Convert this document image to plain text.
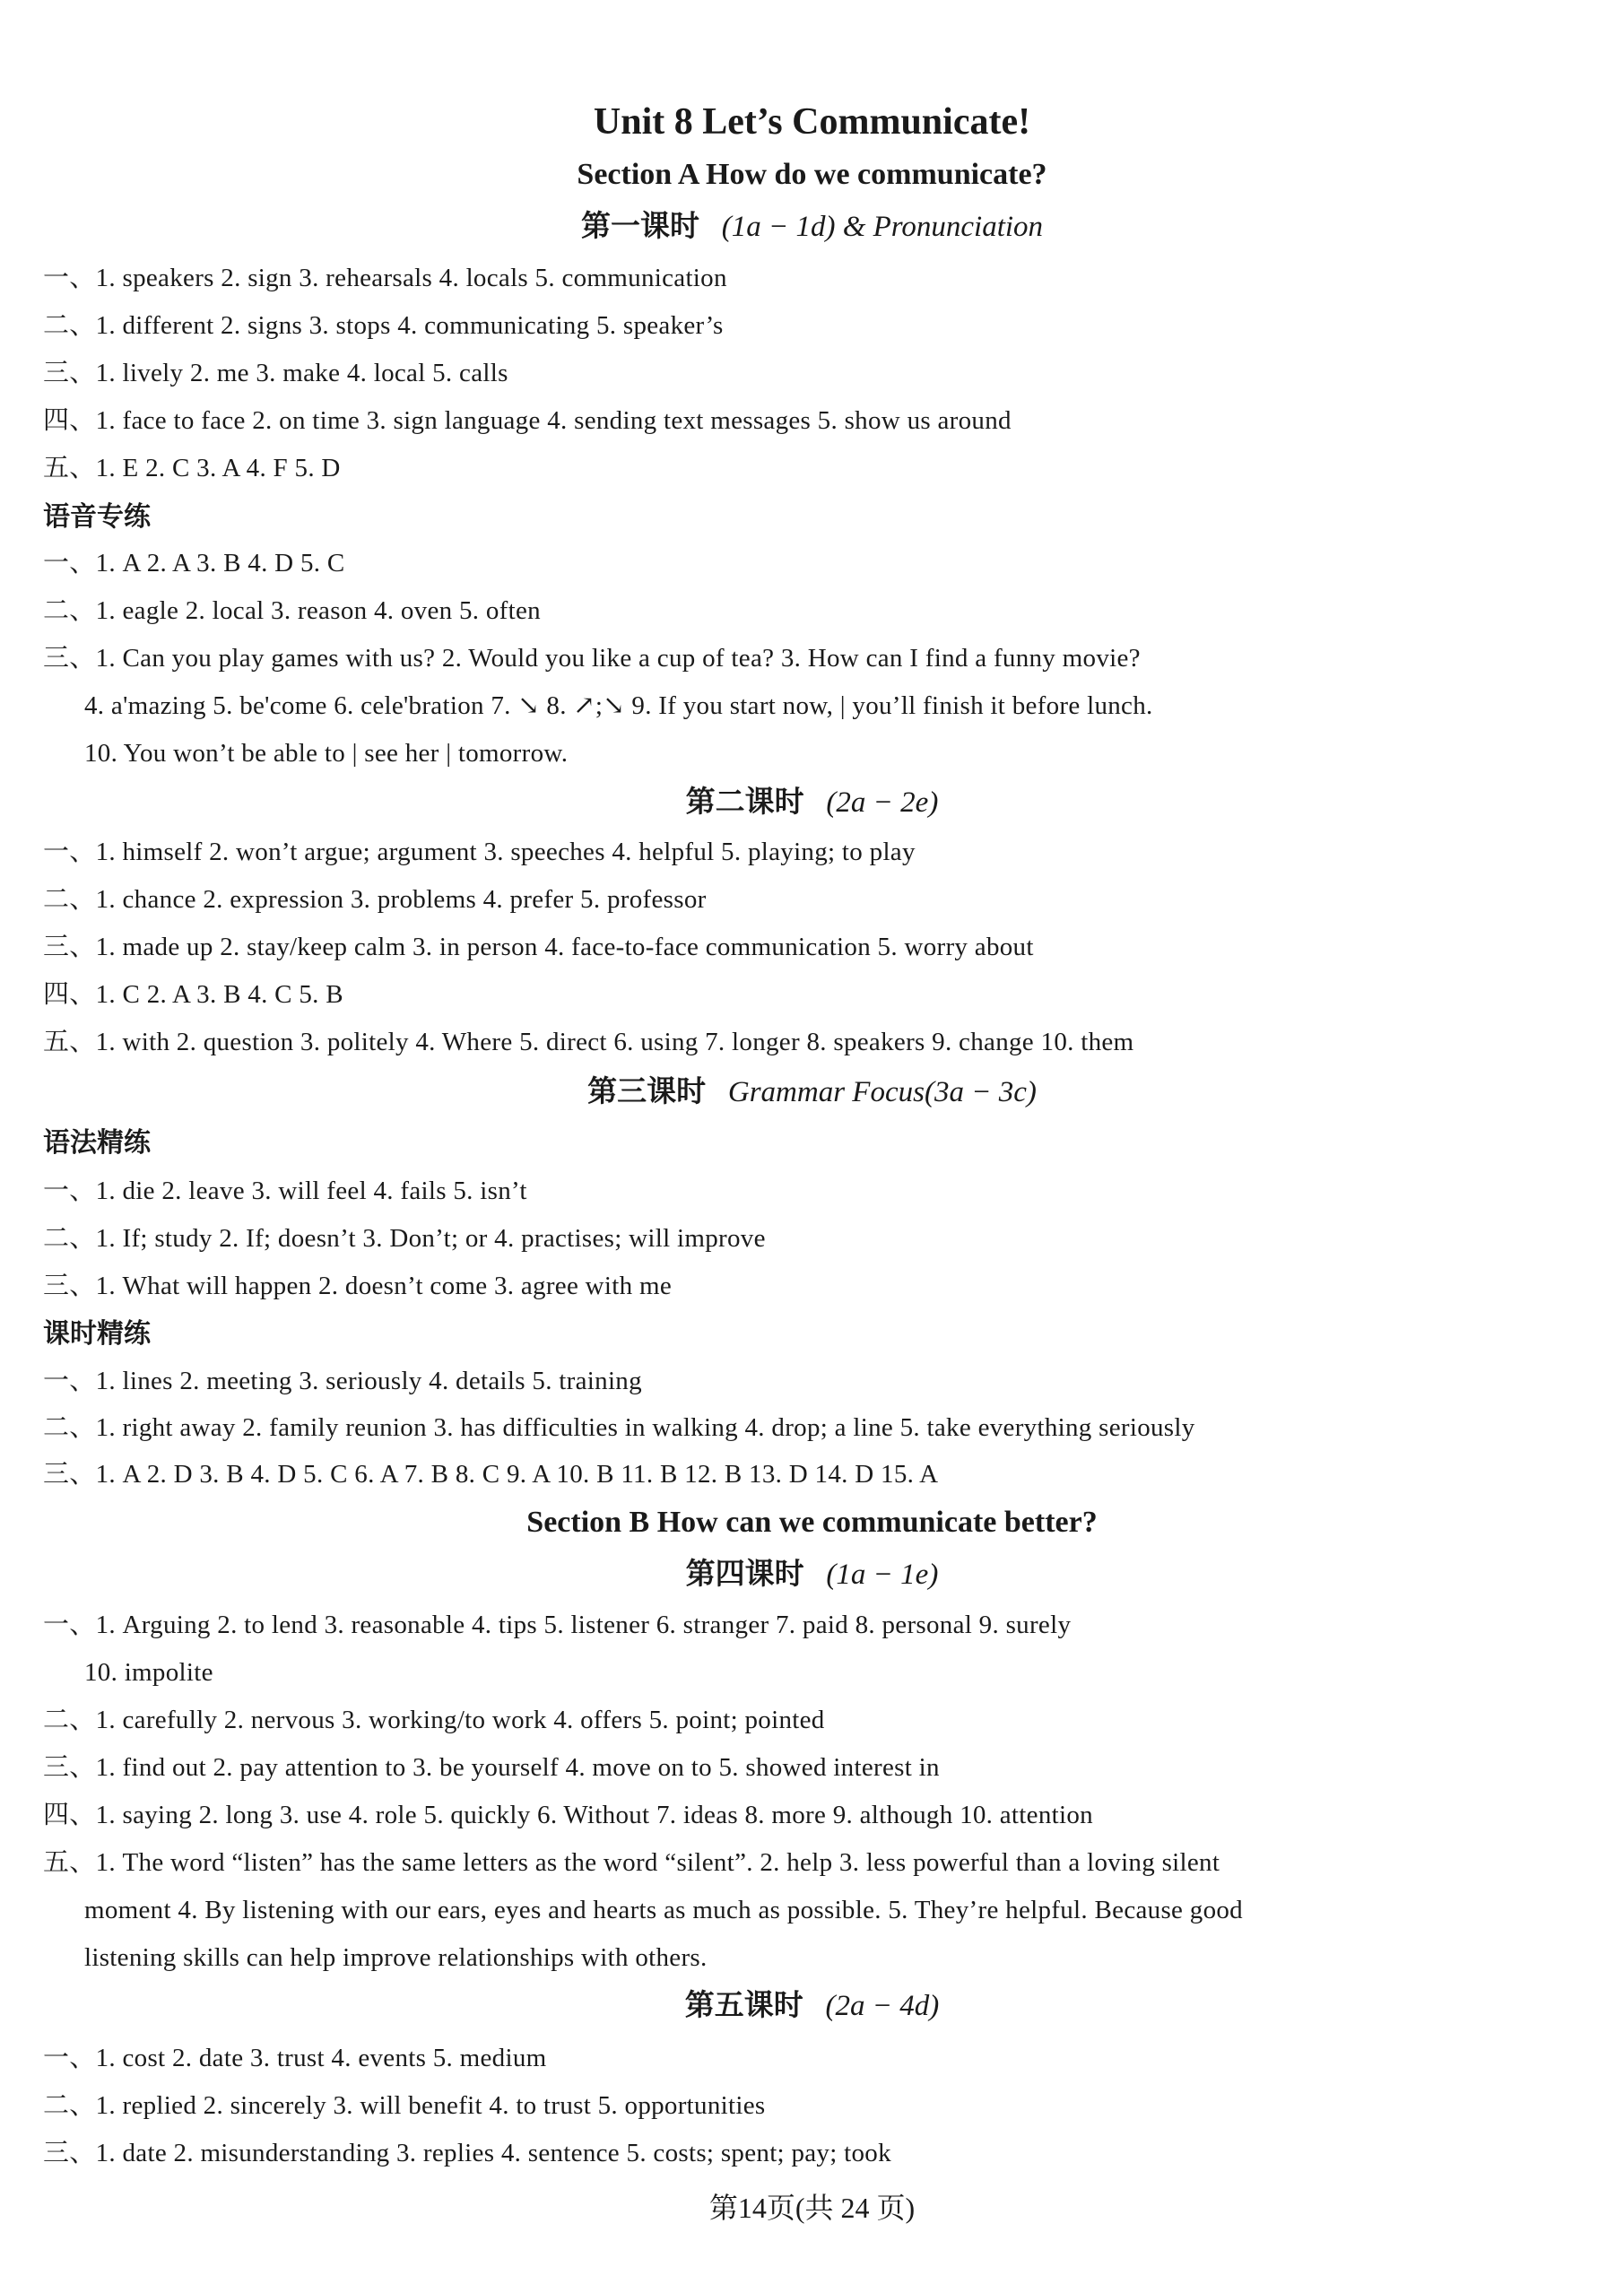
Unit 8 Let’s Communicate!
Section A How do we communicate?
第一课时 (1a − 1d) & Pronunciation
一、1. speakers 2. sign 3. rehearsals 4. locals 5. communication
二、1. different 2. signs 3. stops 4. communicating 5. speaker’s
三、1. lively 2. me 3. make 4. local 5. calls
四、1. face to face 2. on time 3. sign language 4. sending text messages 5. show us around
五、1. E 2. C 3. A 4. F 5. D
语音专练
一、1. A 2. A 3. B 4. D 5. C
二、1. eagle 2. local 3. reason 4. oven 5. often
三、1. Can you play games with us? 2. Would you like a cup of tea? 3. How can I find a funny movie?
4. a'mazing 5. be'come 6. cele'bration 7. ↘ 8. ↗;↘ 9. If you start now, | you’ll finish it before lunch.
10. You won’t be able to | see her | tomorrow.
第二课时 (2a − 2e)
一、1. himself 2. won’t argue; argument 3. speeches 4. helpful 5. playing; to play
二、1. chance 2. expression 3. problems 4. prefer 5. professor
三、1. made up 2. stay/keep calm 3. in person 4. face-to-face communication 5. worry about
四、1. C 2. A 3. B 4. C 5. B
五、1. with 2. question 3. politely 4. Where 5. direct 6. using 7. longer 8. speakers 9. change 10. them
第三课时 Grammar Focus(3a − 3c)
语法精练
一、1. die 2. leave 3. will feel 4. fails 5. isn’t
二、1. If; study 2. If; doesn’t 3. Don’t; or 4. practises; will improve
三、1. What will happen 2. doesn’t come 3. agree with me
课时精练
一、1. lines 2. meeting 3. seriously 4. details 5. training
二、1. right away 2. family reunion 3. has difficulties in walking 4. drop; a line 5. take everything seriously
三、1. A 2. D 3. B 4. D 5. C 6. A 7. B 8. C 9. A 10. B 11. B 12. B 13. D 14. D 15. A
Section B How can we communicate better?
第四课时 (1a − 1e)
一、1. Arguing 2. to lend 3. reasonable 4. tips 5. listener 6. stranger 7. paid 8. personal 9. surely
10. impolite
二、1. carefully 2. nervous 3. working/to work 4. offers 5. point; pointed
三、1. find out 2. pay attention to 3. be yourself 4. move on to 5. showed interest in
四、1. saying 2. long 3. use 4. role 5. quickly 6. Without 7. ideas 8. more 9. although 10. attention
五、1. The word “listen” has the same letters as the word “silent”. 2. help 3. less powerful than a loving silent
moment 4. By listening with our ears, eyes and hearts as much as possible. 5. They’re helpful. Because good
listening skills can help improve relationships with others.
第五课时 (2a − 4d)
一、1. cost 2. date 3. trust 4. events 5. medium
二、1. replied 2. sincerely 3. will benefit 4. to trust 5. opportunities
三、1. date 2. misunderstanding 3. replies 4. sentence 5. costs; spent; pay; took
第14页(共 24 页)
